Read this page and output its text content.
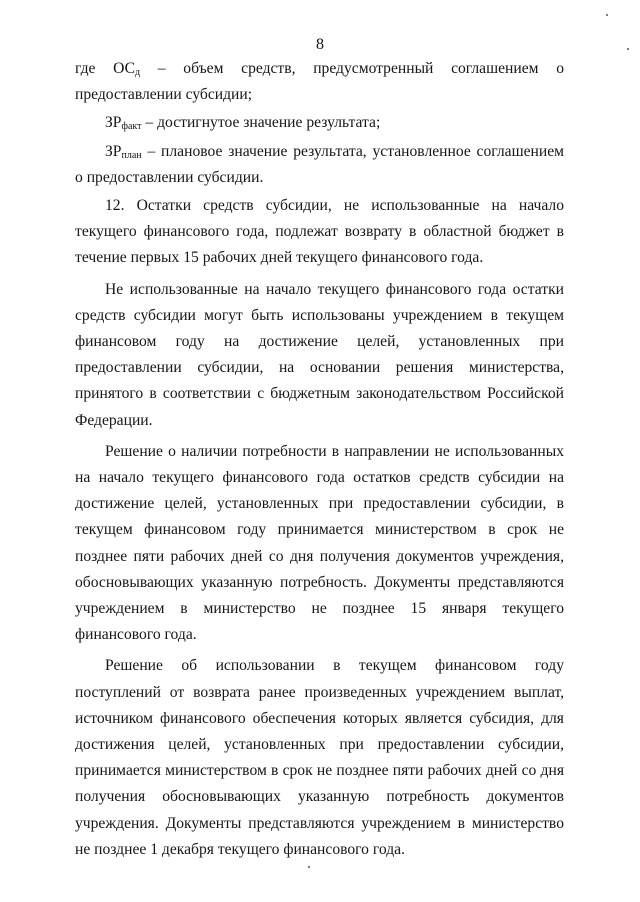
8

где $ОС_д$ – объем средств, предусмотренный соглашением о предоставлении субсидии;

$ЗР_{факт}$ – достигнутое значение результата;

$ЗР_{план}$ – плановое значение результата, установленное соглашением о предоставлении субсидии.

12. Остатки средств субсидии, не использованные на начало текущего финансового года, подлежат возврату в областной бюджет в течение первых 15 рабочих дней текущего финансового года.

Не использованные на начало текущего финансового года остатки средств субсидии могут быть использованы учреждением в текущем финансовом году на достижение целей, установленных при предоставлении субсидии, на основании решения министерства, принятого в соответствии с бюджетным законодательством Российской Федерации.

Решение о наличии потребности в направлении не использованных на начало текущего финансового года остатков средств субсидии на достижение целей, установленных при предоставлении субсидии, в текущем финансовом году принимается министерством в срок не позднее пяти рабочих дней со дня получения документов учреждения, обосновывающих указанную потребность. Документы представляются учреждением в министерство не позднее 15 января текущего финансового года.

Решение об использовании в текущем финансовом году поступлений от возврата ранее произведенных учреждением выплат, источником финансового обеспечения которых является субсидия, для достижения целей, установленных при предоставлении субсидии, принимается министерством в срок не позднее пяти рабочих дней со дня получения обосновывающих указанную потребность документов учреждения. Документы представляются учреждением в министерство не позднее 1 декабря текущего финансового года.
